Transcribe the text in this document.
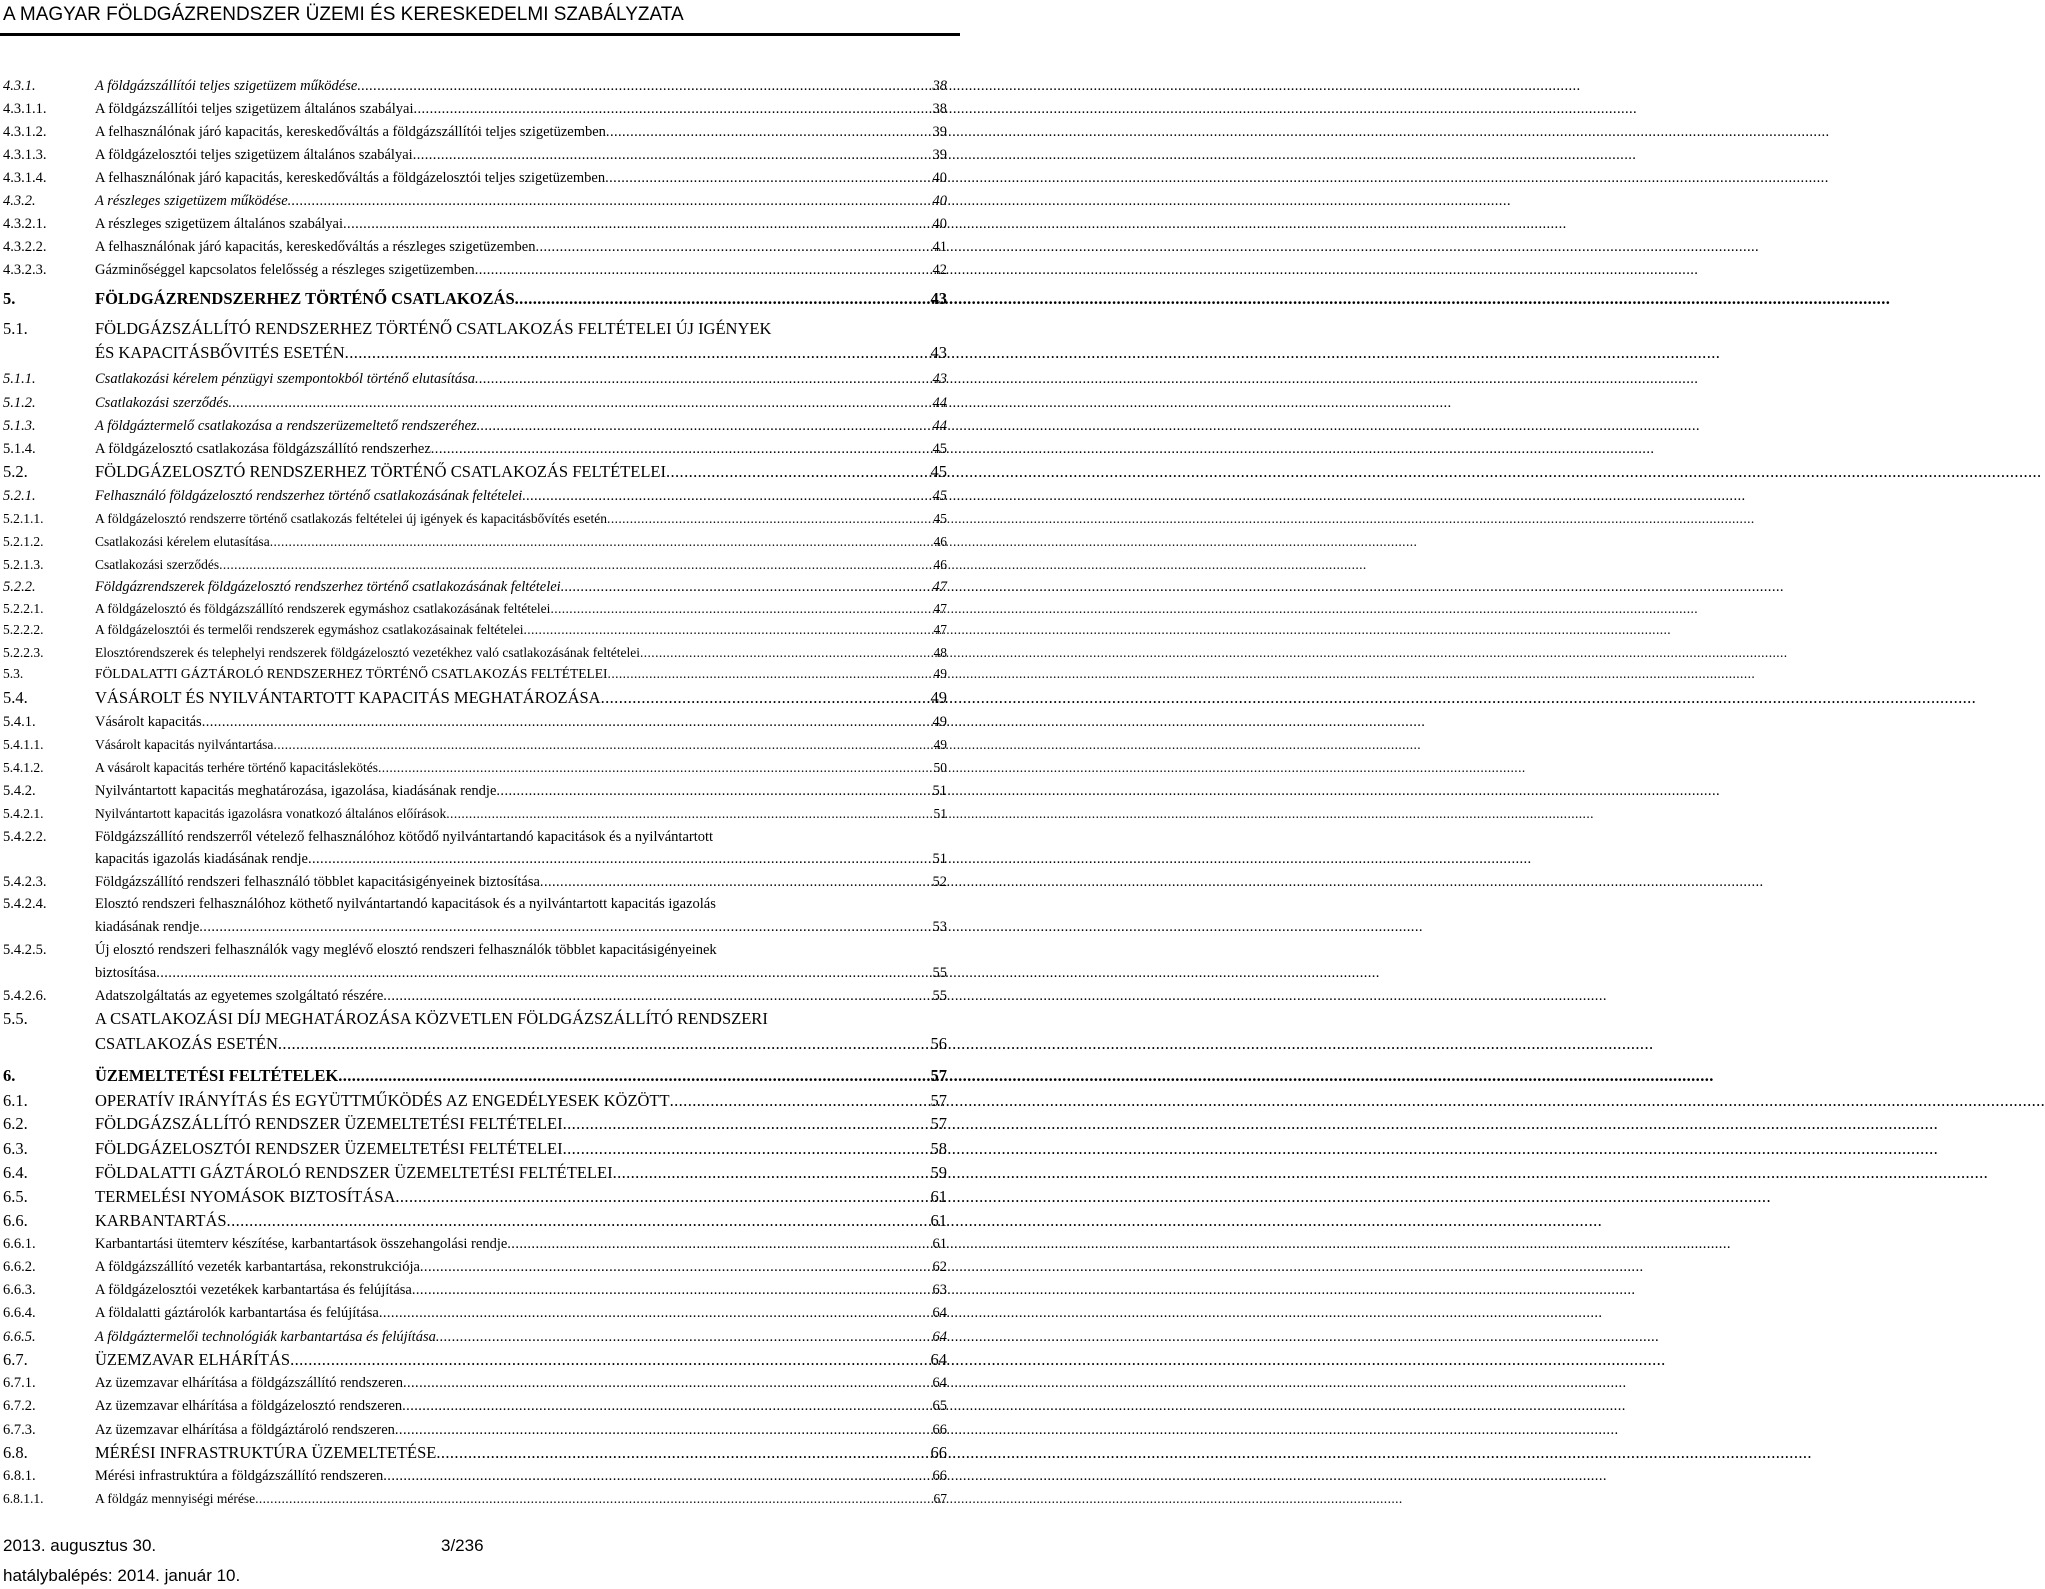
A MAGYAR FÖLDGÁZRENDSZER ÜZEMI ÉS KERESKEDELMI SZABÁLYZATA
4.3.1.	A földgázszállítói teljes szigetüzem működése .....	38
4.3.1.1.	A földgázszállítói teljes szigetüzem általános szabályai .....	38
4.3.1.2.	A felhasználónak járó kapacitás, kereskedőváltás a földgázszállítói teljes szigetüzemben .....	39
4.3.1.3.	A földgázelosztói teljes szigetüzem általános szabályai .....	39
4.3.1.4.	A felhasználónak járó kapacitás, kereskedőváltás a földgázelosztói teljes szigetüzemben .....	40
4.3.2.	A részleges szigetüzem működése .....	40
4.3.2.1.	A részleges szigetüzem általános szabályai .....	40
4.3.2.2.	A felhasználónak járó kapacitás, kereskedőváltás a részleges szigetüzemben .....	41
4.3.2.3.	Gázminőséggel kapcsolatos felelősség a részleges szigetüzemben .....	42
5.	FÖLDGÁZRENDSZERHEZ TÖRTÉNŐ CSATLAKOZÁS .....	43
5.1.	FÖLDGÁZSZÁLLÍTÓ RENDSZERHEZ TÖRTÉNŐ CSATLAKOZÁS FELTÉTELEI ÚJ IGÉNYEK
ÉS KAPACITÁSBŐVITÉS ESETÉN .....	43
5.1.1.	Csatlakozási kérelem pénzügyi szempontokból történő elutasítása .....	43
5.1.2.	Csatlakozási szerződés .....	44
5.1.3.	A földgáztermelő csatlakozása a rendszerüzemeltető rendszeréhez .....	44
5.1.4.	A földgázelosztó csatlakozása földgázszállító rendszerhez .....	45
5.2.	FÖLDGÁZELOSZTÓ RENDSZERHEZ TÖRTÉNŐ CSATLAKOZÁS FELTÉTELEI .....	45
5.2.1.	Felhasználó földgázelosztó rendszerhez történő csatlakozásának feltételei .....	45
5.2.1.1.	A földgázelosztó rendszerre történő csatlakozás feltételei új igények és kapacitásbővítés esetén .....	45
5.2.1.2.	Csatlakozási kérelem elutasítása .....	46
5.2.1.3.	Csatlakozási szerződés .....	46
5.2.2.	Földgázrendszerek földgázelosztó rendszerhez történő csatlakozásának feltételei .....	47
5.2.2.1.	A földgázelosztó és földgázszállító rendszerek egymáshoz csatlakozásának feltételei .....	47
5.2.2.2.	A földgázelosztói és termelői rendszerek egymáshoz csatlakozásainak feltételei .....	47
5.2.2.3.	Elosztórendszerek és telephelyi rendszerek földgázelosztó vezetékhez való csatlakozásának feltételei .....	48
5.3.	FÖLDALATTI GÁZTÁROLÓ RENDSZERHEZ TÖRTÉNŐ CSATLAKOZÁS FELTÉTELEI .....	49
5.4.	VÁSÁROLT ÉS NYILVÁNTARTOTT KAPACITÁS MEGHATÁROZÁSA .....	49
5.4.1.	Vásárolt kapacitás .....	49
5.4.1.1.	Vásárolt kapacitás nyilvántartása .....	49
5.4.1.2.	A vásárolt kapacitás terhére történő kapacitáslekötés .....	50
5.4.2.	Nyilvántartott kapacitás meghatározása, igazolása, kiadásának rendje .....	51
5.4.2.1.	Nyilvántartott kapacitás igazolásra vonatkozó általános előírások .....	51
5.4.2.2.	Földgázszállító rendszerről vételező felhasználóhoz kötődő nyilvántartandó kapacitások és a nyilvántartott
kapacitás igazolás kiadásának rendje .....	51
5.4.2.3.	Földgázszállító rendszeri felhasználó többlet kapacitásigényeinek biztosítása .....	52
5.4.2.4.	Elosztó rendszeri felhasználóhoz köthető nyilvántartandó kapacitások és a nyilvántartott kapacitás igazolás
kiadásának rendje .....	53
5.4.2.5.	Új elosztó rendszeri felhasználók vagy meglévő elosztó rendszeri felhasználók többlet kapacitásigényeinek
biztosítása .....	55
5.4.2.6.	Adatszolgáltatás az egyetemes szolgáltató részére .....	55
5.5.	A CSATLAKOZÁSI DÍJ MEGHATÁROZÁSA KÖZVETLEN FÖLDGÁZSZÁLLÍTÓ RENDSZERI
CSATLAKOZÁS ESETÉN .....	56
6.	ÜZEMELTETÉSI FELTÉTELEK .....	57
6.1.	OPERATÍV IRÁNYÍTÁS ÉS EGYÜTTMŰKÖDÉS AZ ENGEDÉLYESEK KÖZÖTT .....	57
6.2.	FÖLDGÁZSZÁLLÍTÓ RENDSZER ÜZEMELTETÉSI FELTÉTELEI .....	57
6.3.	FÖLDGÁZELOSZTÓI RENDSZER ÜZEMELTETÉSI FELTÉTELEI .....	58
6.4.	FÖLDALATTI GÁZTÁROLÓ RENDSZER ÜZEMELTETÉSI FELTÉTELEI .....	59
6.5.	TERMELÉSI NYOMÁSOK BIZTOSÍTÁSA .....	61
6.6.	KARBANTARTÁS .....	61
6.6.1.	Karbantartási ütemterv készítése, karbantartások összehangolási rendje .....	61
6.6.2.	A földgázszállító vezeték karbantartása, rekonstrukciója .....	62
6.6.3.	A földgázelosztói vezetékek karbantartása és felújítása .....	63
6.6.4.	A földalatti gáztárolók karbantartása és felújítása .....	64
6.6.5.	A földgáztermelői technológiák karbantartása és felújítása .....	64
6.7.	ÜZEMZAVAR ELHÁRÍTÁS .....	64
6.7.1.	Az üzemzavar elhárítása a földgázszállító rendszeren .....	64
6.7.2.	Az üzemzavar elhárítása a földgázelosztó rendszeren .....	65
6.7.3.	Az üzemzavar elhárítása a földgáztároló rendszeren .....	66
6.8.	MÉRÉSI INFRASTRUKTÚRA ÜZEMELTETÉSE .....	66
6.8.1.	Mérési infrastruktúra a földgázszállító rendszeren .....	66
6.8.1.1.	A földgáz mennyiségi mérése .....	67
2013. augusztus 30.	3/236
hatálybalépés: 2014. január 10.
